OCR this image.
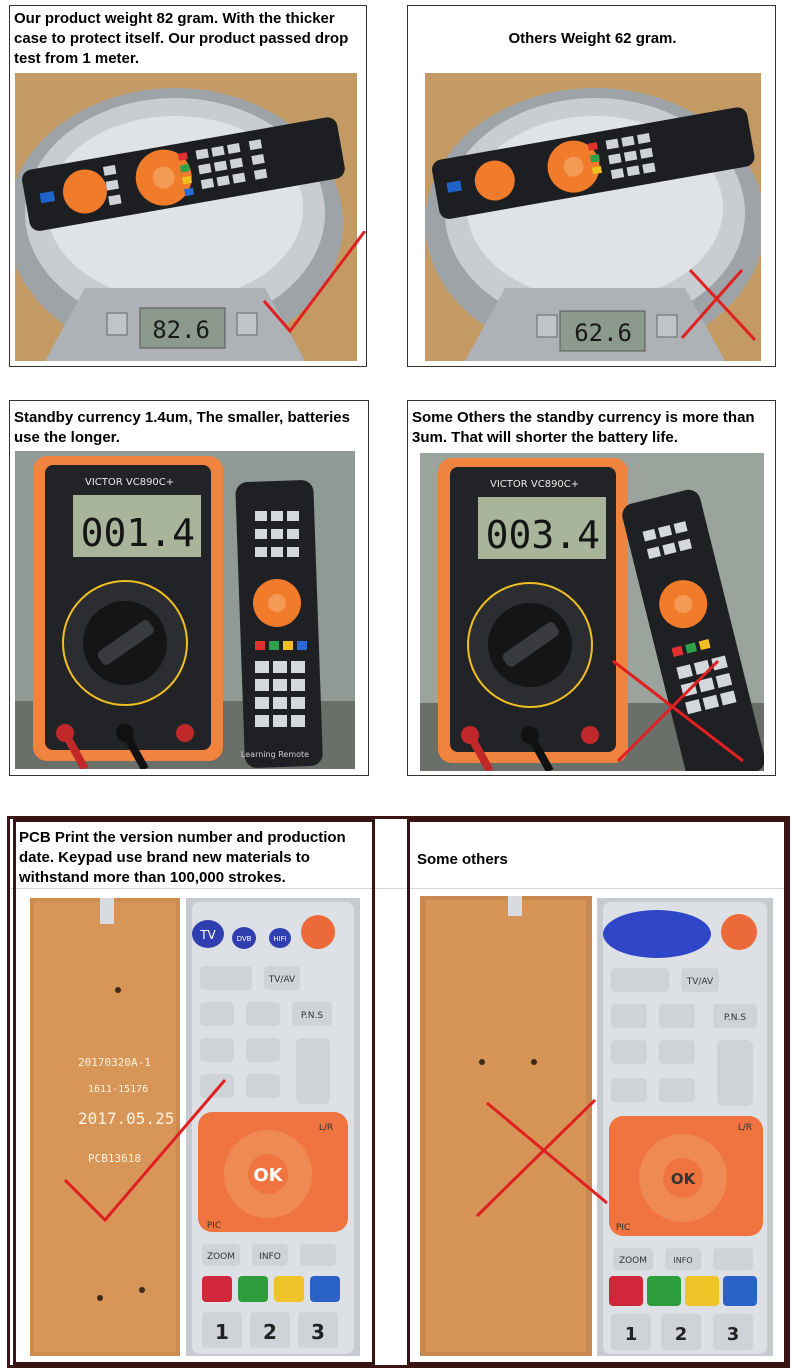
Our product weight 82 gram. With the thicker case to protect itself. Our product passed drop test from 1 meter.
82.6
Others Weight 62 gram.
62.6
Standby currency 1.4um, The smaller, batteries use the longer.
VICTOR VC890C+
001.4
Learning Remote
Some Others the standby currency is more than 3um. That will shorter the battery life.
VICTOR VC890C+
003.4
PCB Print the version number and production date. Keypad use brand new materials to withstand more than 100,000 strokes.
Some others
20170320A-1
1611-15176
2017.05.25
PCB13618
TV	DVB	HIFI
TV/AV
P.N.S
OK
L/R
PIC
ZOOM	INFO
1 2 3
TV/AV
P.N.S
OK
L/R
PIC
ZOOM	INFO
1 2 3
